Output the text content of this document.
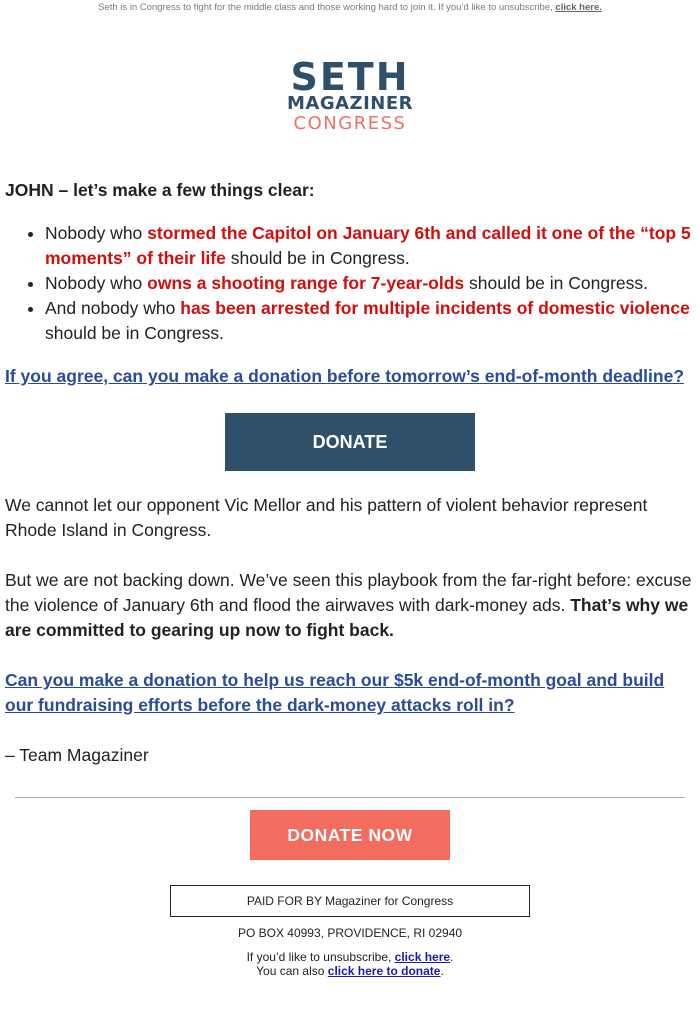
Seth is in Congress to fight for the middle class and those working hard to join it. If you’d like to unsubscribe, click here.
SETH
MAGAZINER
CONGRESS
JOHN – let’s make a few things clear:
• Nobody who stormed the Capitol on January 6th and called it one of the “top 5 moments” of their life should be in Congress.
• Nobody who owns a shooting range for 7-year-olds should be in Congress.
• And nobody who has been arrested for multiple incidents of domestic violence should be in Congress.
If you agree, can you make a donation before tomorrow’s end-of-month deadline?
DONATE

We cannot let our opponent Vic Mellor and his pattern of violent behavior represent Rhode Island in Congress.

But we are not backing down. We’ve seen this playbook from the far-right before: excuse the violence of January 6th and flood the airwaves with dark-money ads. That’s why we are committed to gearing up now to fight back.

Can you make a donation to help us reach our $5k end-of-month goal and build our fundraising efforts before the dark-money attacks roll in?

– Team Magaziner

DONATE NOW
PAID FOR BY Magaziner for Congress
PO BOX 40993, PROVIDENCE, RI 02940
If you’d like to unsubscribe, click here.
You can also click here to donate.
